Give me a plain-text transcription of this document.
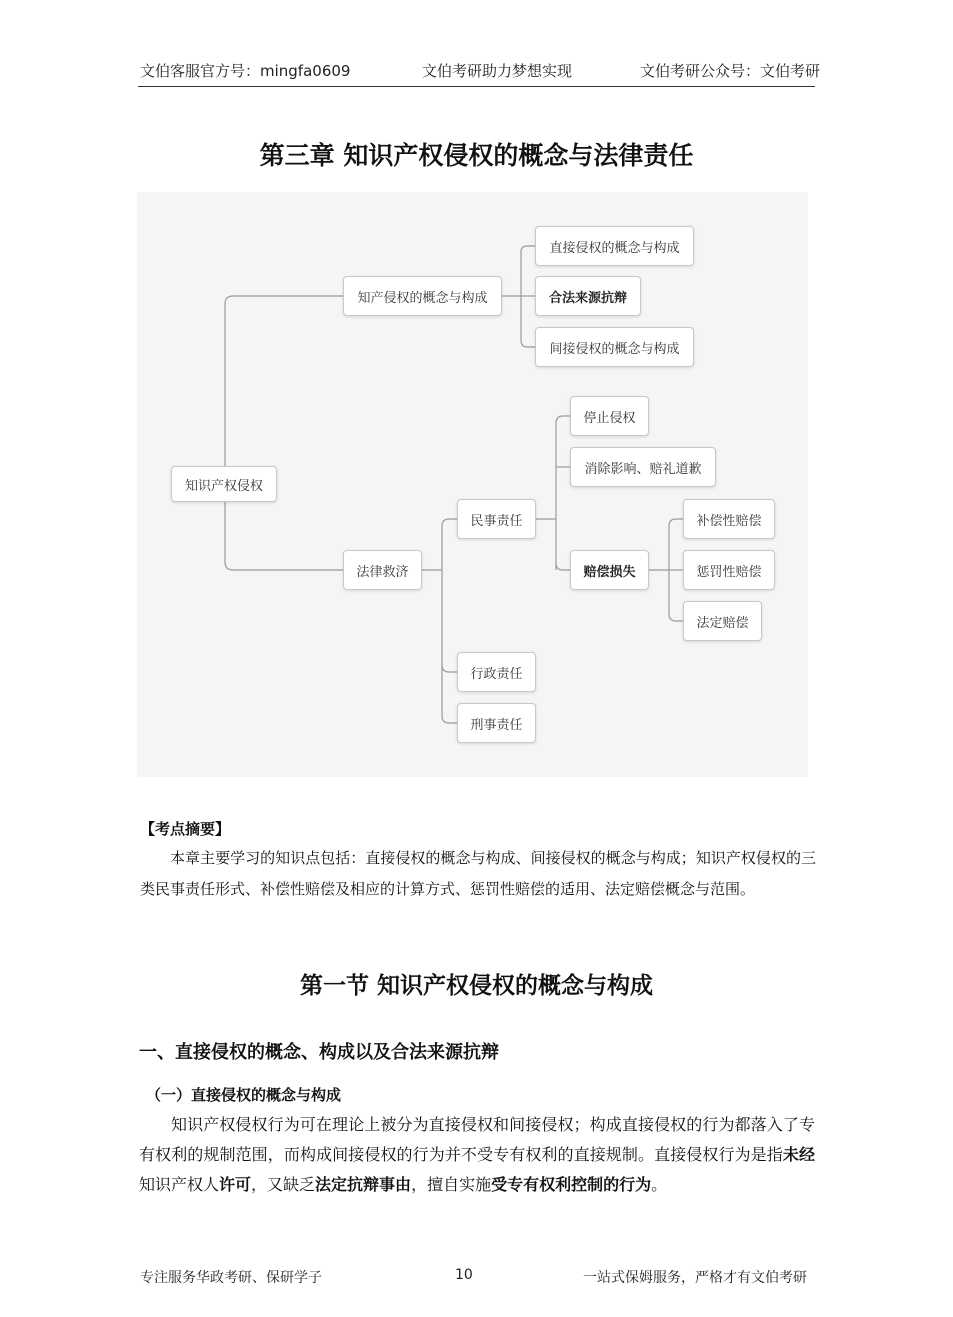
文伯客服官方号：mingfa0609	文伯考研助力梦想实现	文伯考研公众号：文伯考研
第三章 知识产权侵权的概念与法律责任
知识产权侵权
知产侵权的概念与构成
直接侵权的概念与构成
合法来源抗辩
间接侵权的概念与构成
法律救济
民事责任
停止侵权
消除影响、赔礼道歉
赔偿损失
补偿性赔偿
惩罚性赔偿
法定赔偿
行政责任
刑事责任
【考点摘要】
本章主要学习的知识点包括：直接侵权的概念与构成、间接侵权的概念与构成；知识产权侵权的三类民事责任形式、补偿性赔偿及相应的计算方式、惩罚性赔偿的适用、法定赔偿概念与范围。
第一节 知识产权侵权的概念与构成
一、直接侵权的概念、构成以及合法来源抗辩
（一）直接侵权的概念与构成
知识产权侵权行为可在理论上被分为直接侵权和间接侵权；构成直接侵权的行为都落入了专有权利的规制范围，而构成间接侵权的行为并不受专有权利的直接规制。直接侵权行为是指未经知识产权人许可，又缺乏法定抗辩事由，擅自实施受专有权利控制的行为。
专注服务华政考研、保研学子	10	一站式保姆服务，严格才有文伯考研
